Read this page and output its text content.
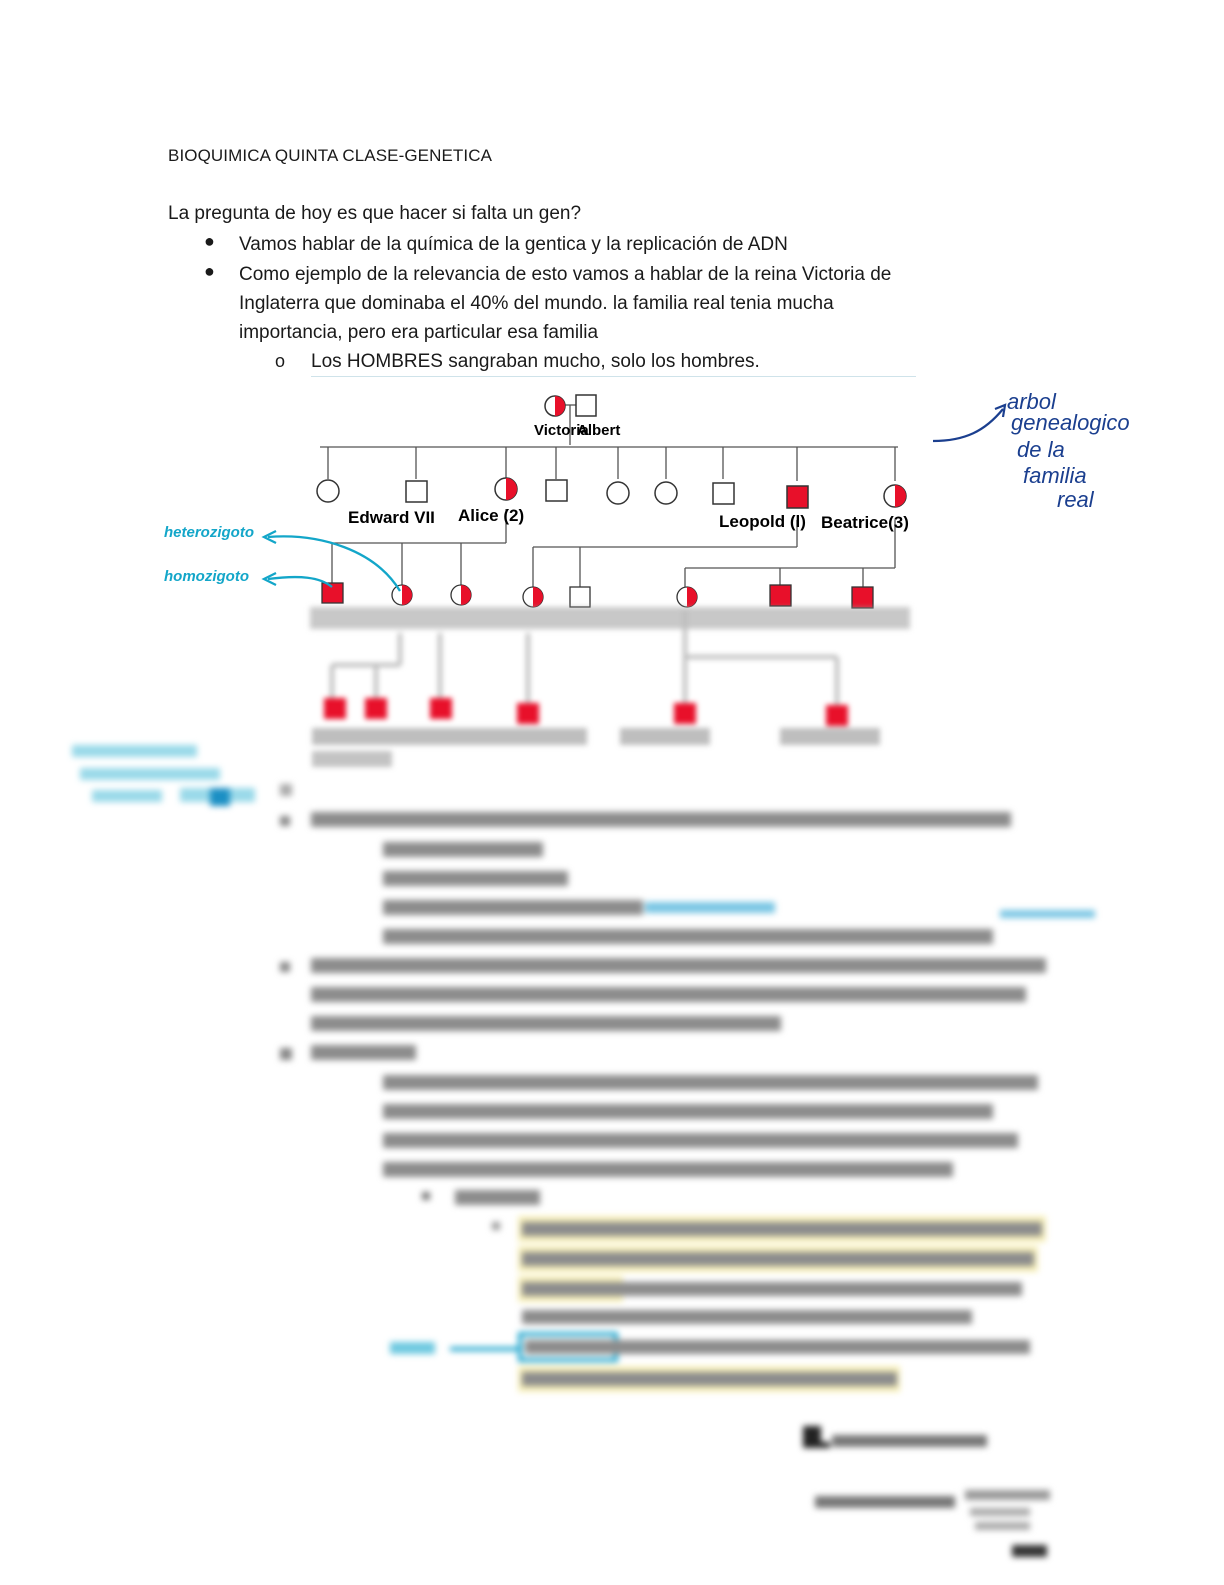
BIOQUIMICA QUINTA CLASE-GENETICA
La pregunta de hoy es que hacer si falta un gen?
● Vamos hablar de la química de la gentica y la replicación de ADN
● Como ejemplo de la relevancia de esto vamos a hablar de la reina Victoria de
Inglaterra que dominaba el 40% del mundo. la familia real tenia mucha
importancia, pero era particular esa familia
o Los HOMBRES sangraban mucho, solo los hombres.
Victoria
Albert
Edward VII Alice (2)	Leopold (l) Beatrice(3)
arbol
genealogico
de la
familia
real
heterozigoto
homozigoto
